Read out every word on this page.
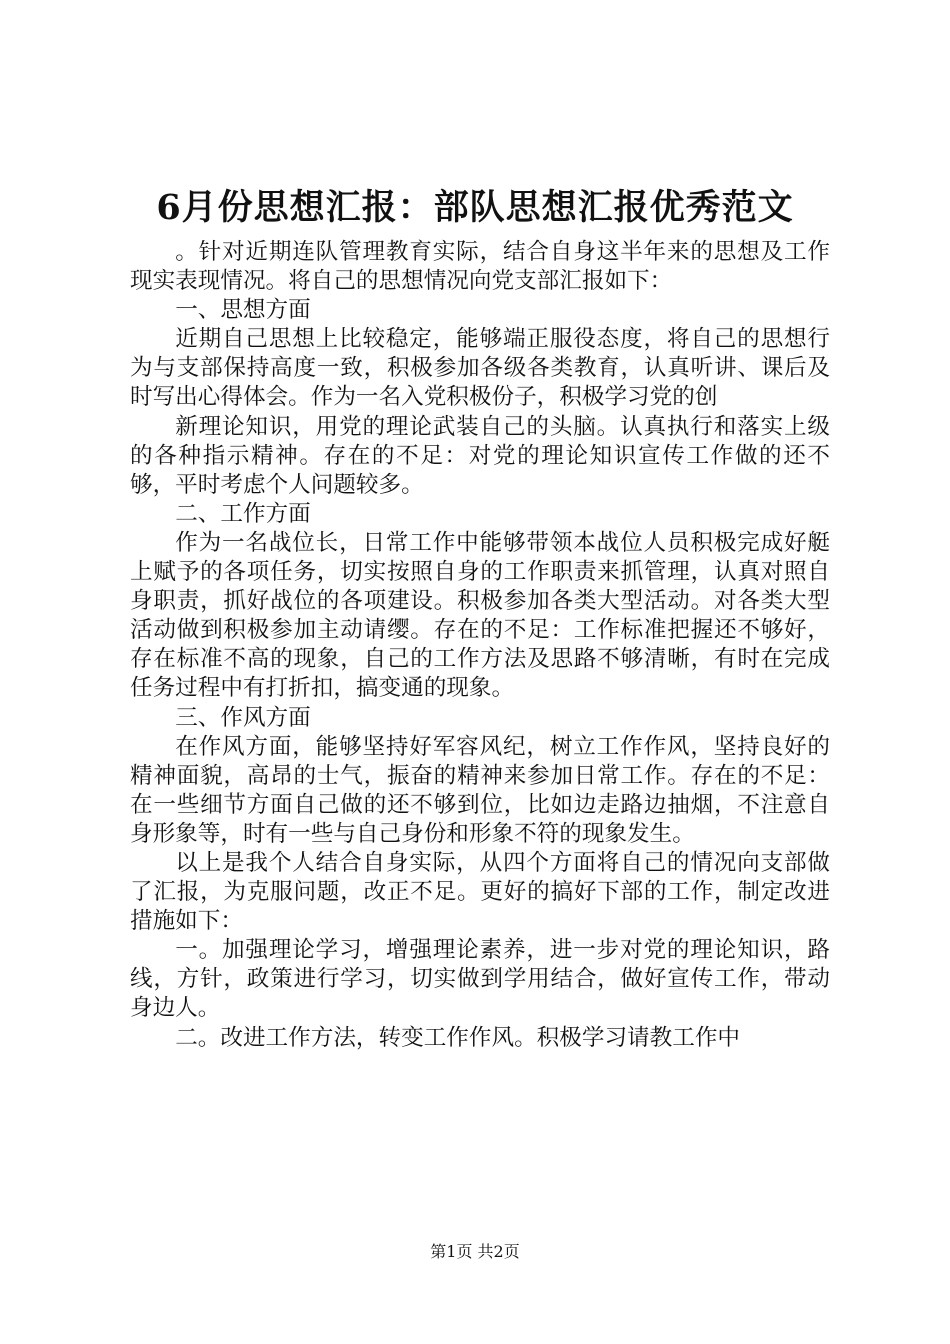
6月份思想汇报：部队思想汇报优秀范文

。针对近期连队管理教育实际，结合自身这半年来的思想及工作现实表现情况。将自己的思想情况向党支部汇报如下：

一、思想方面

近期自己思想上比较稳定，能够端正服役态度，将自己的思想行为与支部保持高度一致，积极参加各级各类教育，认真听讲、课后及时写出心得体会。作为一名入党积极份子，积极学习党的创

新理论知识，用党的理论武装自己的头脑。认真执行和落实上级的各种指示精神。存在的不足：对党的理论知识宣传工作做的还不够，平时考虑个人问题较多。

二、工作方面

作为一名战位长，日常工作中能够带领本战位人员积极完成好艇上赋予的各项任务，切实按照自身的工作职责来抓管理，认真对照自身职责，抓好战位的各项建设。积极参加各类大型活动。对各类大型活动做到积极参加主动请缨。存在的不足：工作标准把握还不够好，存在标准不高的现象，自己的工作方法及思路不够清晰，有时在完成任务过程中有打折扣，搞变通的现象。

三、作风方面

在作风方面，能够坚持好军容风纪，树立工作作风，坚持良好的精神面貌，高昂的士气，振奋的精神来参加日常工作。存在的不足：在一些细节方面自己做的还不够到位，比如边走路边抽烟，不注意自身形象等，时有一些与自己身份和形象不符的现象发生。

以上是我个人结合自身实际，从四个方面将自己的情况向支部做了汇报，为克服问题，改正不足。更好的搞好下部的工作，制定改进措施如下：

一。加强理论学习，增强理论素养，进一步对党的理论知识，路线，方针，政策进行学习，切实做到学用结合，做好宣传工作，带动身边人。

二。改进工作方法，转变工作作风。积极学习请教工作中

第1页 共2页
